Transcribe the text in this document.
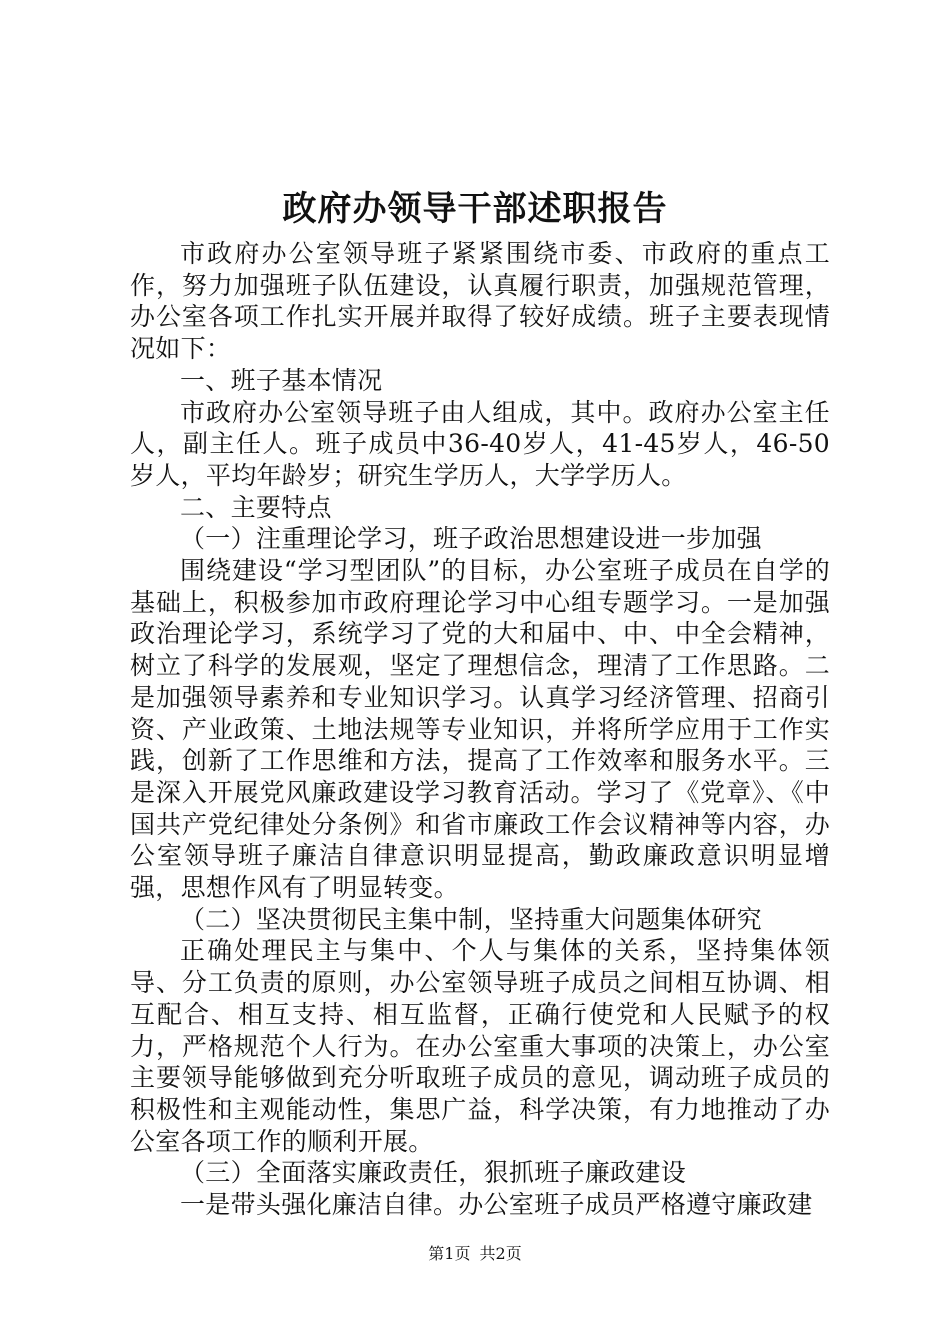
政府办领导干部述职报告

市政府办公室领导班子紧紧围绕市委、市政府的重点工作，努力加强班子队伍建设，认真履行职责，加强规范管理，办公室各项工作扎实开展并取得了较好成绩。班子主要表现情况如下：

一、班子基本情况

市政府办公室领导班子由人组成，其中。政府办公室主任人，副主任人。班子成员中36-40岁人，41-45岁人，46-50岁人，平均年龄岁；研究生学历人，大学学历人。

二、主要特点

（一）注重理论学习，班子政治思想建设进一步加强

围绕建设“学习型团队”的目标，办公室班子成员在自学的基础上，积极参加市政府理论学习中心组专题学习。一是加强政治理论学习，系统学习了党的大和届中、中、中全会精神，树立了科学的发展观，坚定了理想信念，理清了工作思路。二是加强领导素养和专业知识学习。认真学习经济管理、招商引资、产业政策、土地法规等专业知识，并将所学应用于工作实践，创新了工作思维和方法，提高了工作效率和服务水平。三是深入开展党风廉政建设学习教育活动。学习了《党章》、《中国共产党纪律处分条例》和省市廉政工作会议精神等内容，办公室领导班子廉洁自律意识明显提高，勤政廉政意识明显增强，思想作风有了明显转变。

（二）坚决贯彻民主集中制，坚持重大问题集体研究

正确处理民主与集中、个人与集体的关系，坚持集体领导、分工负责的原则，办公室领导班子成员之间相互协调、相互配合、相互支持、相互监督，正确行使党和人民赋予的权力，严格规范个人行为。在办公室重大事项的决策上，办公室主要领导能够做到充分听取班子成员的意见，调动班子成员的积极性和主观能动性，集思广益，科学决策，有力地推动了办公室各项工作的顺利开展。

（三）全面落实廉政责任，狠抓班子廉政建设

一是带头强化廉洁自律。办公室班子成员严格遵守廉政建

第1页 共2页
